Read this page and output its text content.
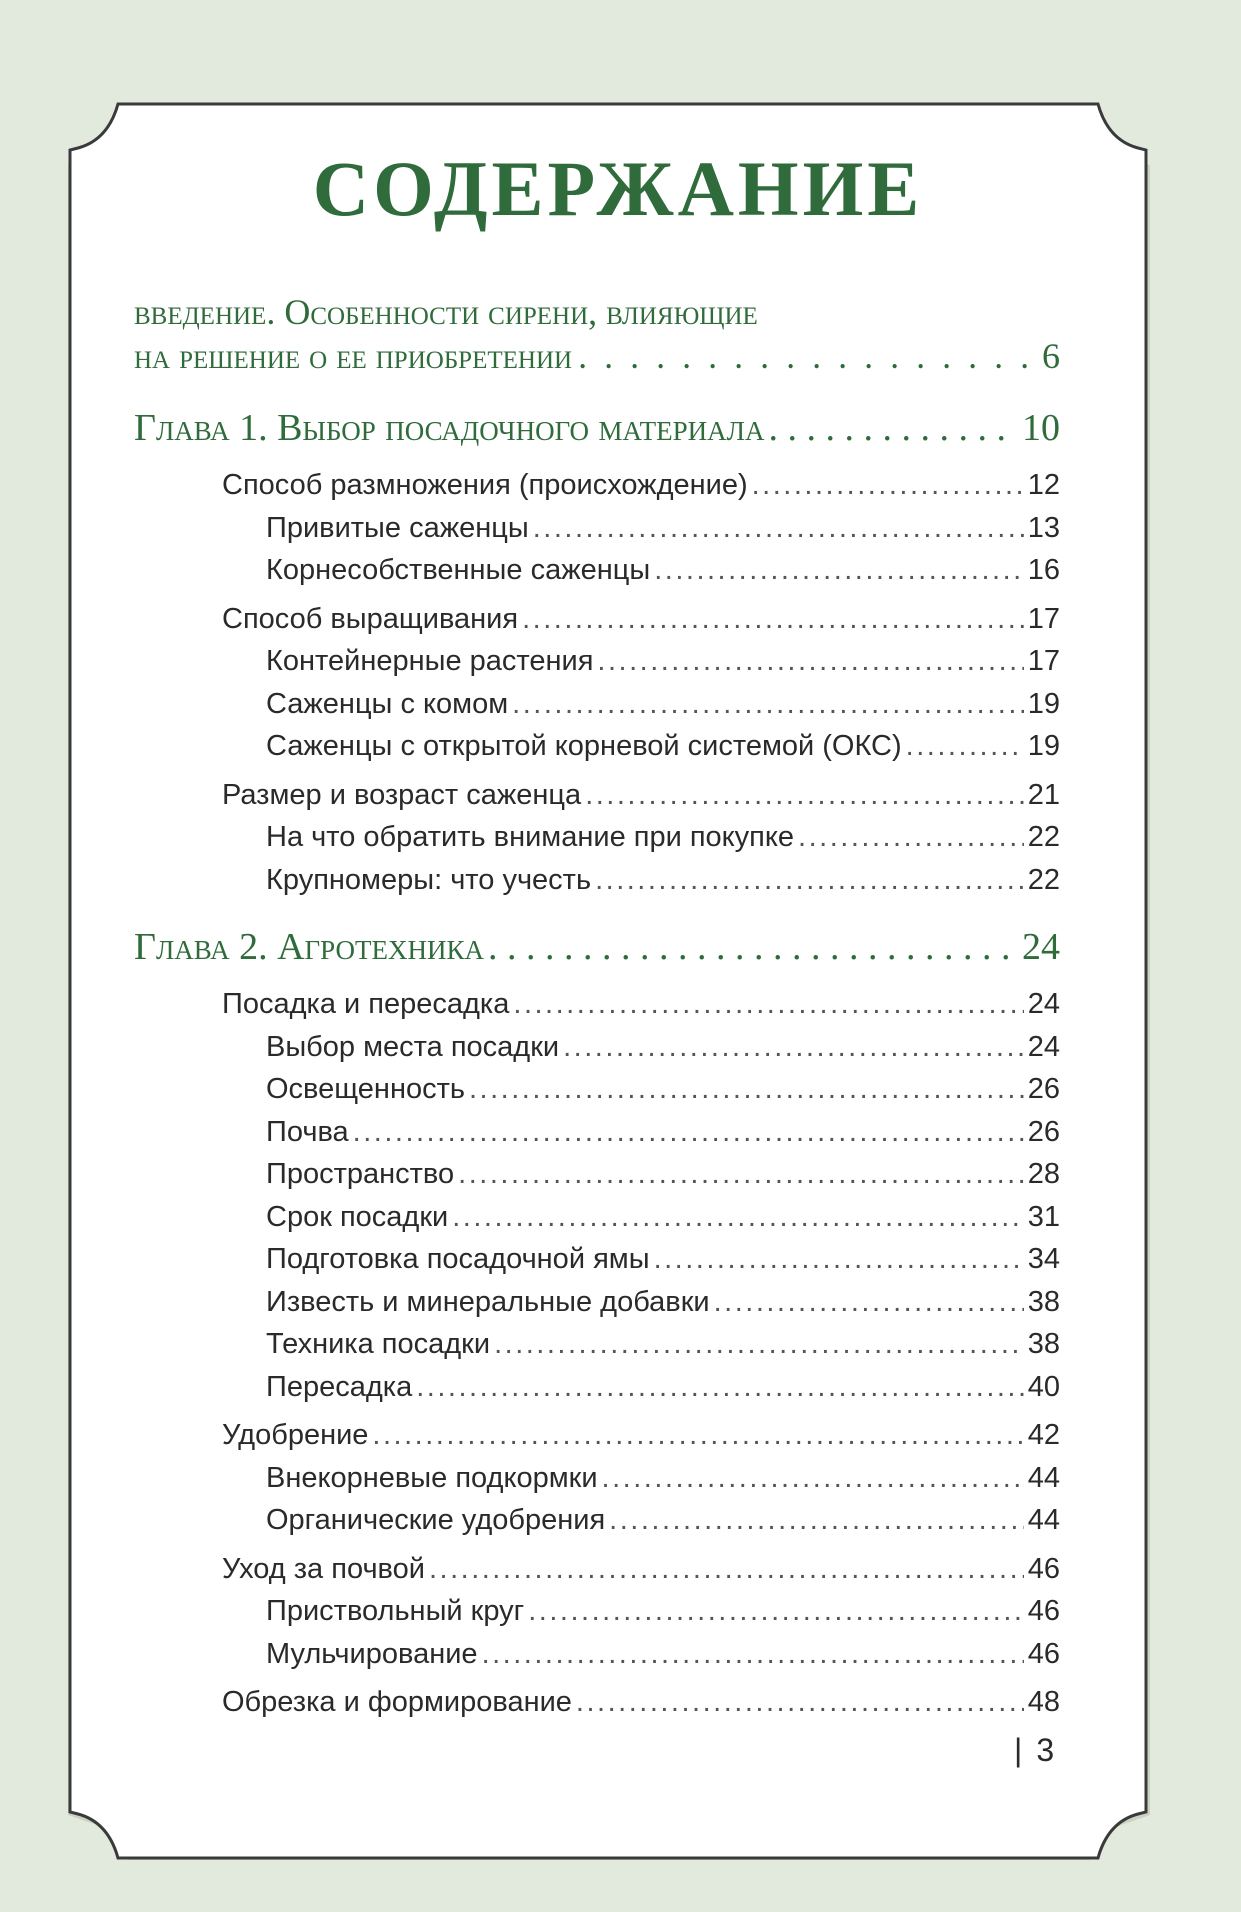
СОДЕРЖАНИЕ
введение. Особенности сирени, влияющие
на решение о ее приобретении . . .	6
Глава 1. Выбор посадочного материала . . .	10
Способ размножения (происхождение) .....	12
Привитые саженцы .....	13
Корнесобственные саженцы .....	16
Способ выращивания .....	17
Контейнерные растения .....	17
Саженцы с комом .....	19
Саженцы с открытой корневой системой (ОКС) .....	19
Размер и возраст саженца .....	21
На что обратить внимание при покупке .....	22
Крупномеры: что учесть .....	22
Глава 2. Агротехника . . .	24
Посадка и пересадка .....	24
Выбор места посадки .....	24
Освещенность .....	26
Почва .....	26
Пространство .....	28
Срок посадки .....	31
Подготовка посадочной ямы .....	34
Известь и минеральные добавки .....	38
Техника посадки .....	38
Пересадка .....	40
Удобрение .....	42
Внекорневые подкормки .....	44
Органические удобрения .....	44
Уход за почвой .....	46
Приствольный круг .....	46
Мульчирование .....	46
Обрезка и формирование .....	48
| 3
